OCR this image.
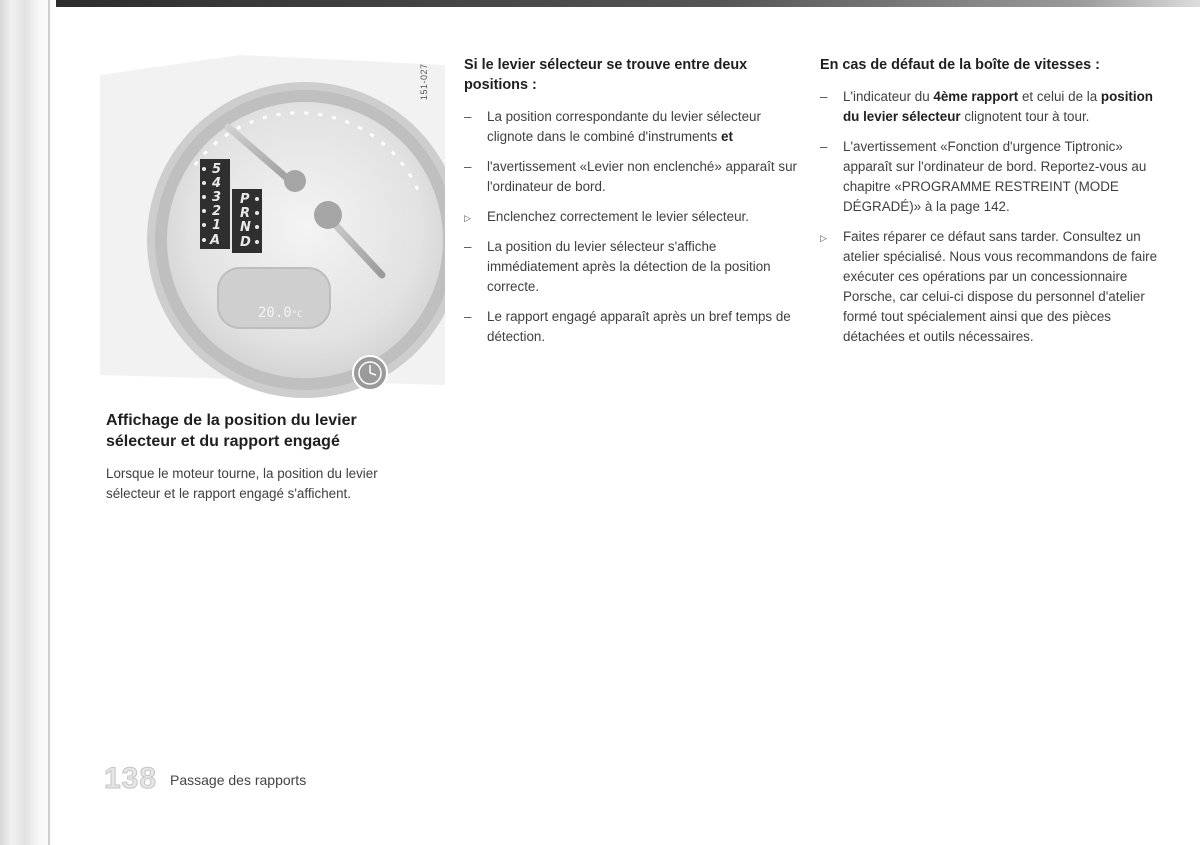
5
4
3
2
1
A
P
R
N
D
20.0°C
151-027	Si le levier sélecteur se trouve entre deux positions :
–	La position correspondante du levier sélecteur clignote dans le combiné d'instruments et
–	l'avertissement «Levier non enclenché» apparaît sur l'ordinateur de bord.
▷	Enclenchez correctement le levier sélecteur.
–	La position du levier sélecteur s'affiche immédiatement après la détection de la position correcte.
–	Le rapport engagé apparaît après un bref temps de détection.
En cas de défaut de la boîte de vitesses :
–	L'indicateur du 4ème rapport et celui de la position du levier sélecteur clignotent tour à tour.
–	L'avertissement «Fonction d'urgence Tiptronic» apparaît sur l'ordinateur de bord. Reportez-vous au chapitre «PROGRAMME RESTREINT (MODE DÉGRADÉ)» à la page 142.
▷	Faites réparer ce défaut sans tarder. Consultez un atelier spécialisé. Nous vous recommandons de faire exécuter ces opérations par un concessionnaire Porsche, car celui-ci dispose du personnel d'atelier formé tout spécialement ainsi que des pièces détachées et outils nécessaires.
Affichage de la position du levier sélecteur et du rapport engagé

Lorsque le moteur tourne, la position du levier sélecteur et le rapport engagé s'affichent.

138 Passage des rapports
